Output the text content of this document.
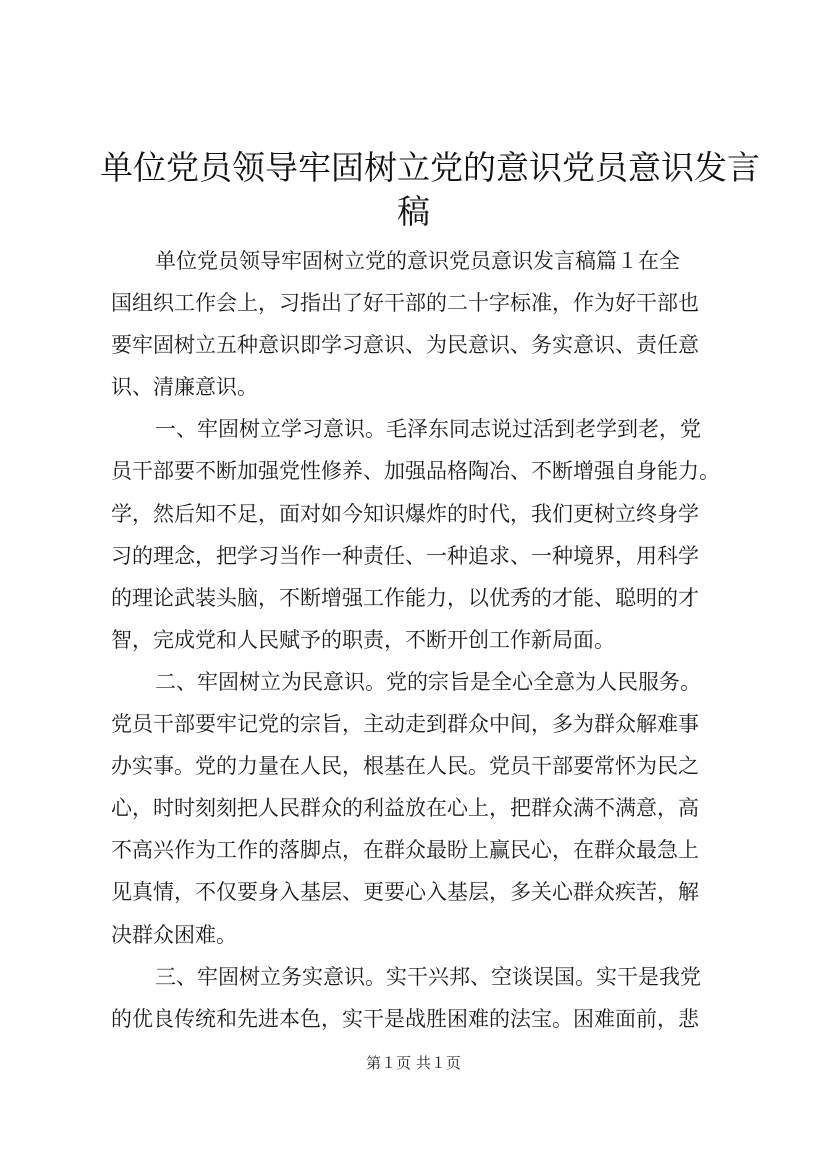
单位党员领导牢固树立党的意识党员意识发言
稿
单位党员领导牢固树立党的意识党员意识发言稿篇１在全
国组织工作会上，习指出了好干部的二十字标准，作为好干部也
要牢固树立五种意识即学习意识、为民意识、务实意识、责任意
识、清廉意识。
一、牢固树立学习意识。毛泽东同志说过活到老学到老，党
员干部要不断加强党性修养、加强品格陶冶、不断增强自身能力。
学，然后知不足，面对如今知识爆炸的时代，我们更树立终身学
习的理念，把学习当作一种责任、一种追求、一种境界，用科学
的理论武装头脑，不断增强工作能力，以优秀的才能、聪明的才
智，完成党和人民赋予的职责，不断开创工作新局面。
二、牢固树立为民意识。党的宗旨是全心全意为人民服务。
党员干部要牢记党的宗旨，主动走到群众中间，多为群众解难事
办实事。党的力量在人民，根基在人民。党员干部要常怀为民之
心，时时刻刻把人民群众的利益放在心上，把群众满不满意，高
不高兴作为工作的落脚点，在群众最盼上赢民心，在群众最急上
见真情，不仅要身入基层、更要心入基层，多关心群众疾苦，解
决群众困难。
三、牢固树立务实意识。实干兴邦、空谈误国。实干是我党
的优良传统和先进本色，实干是战胜困难的法宝。困难面前，悲
第１页 共１页
